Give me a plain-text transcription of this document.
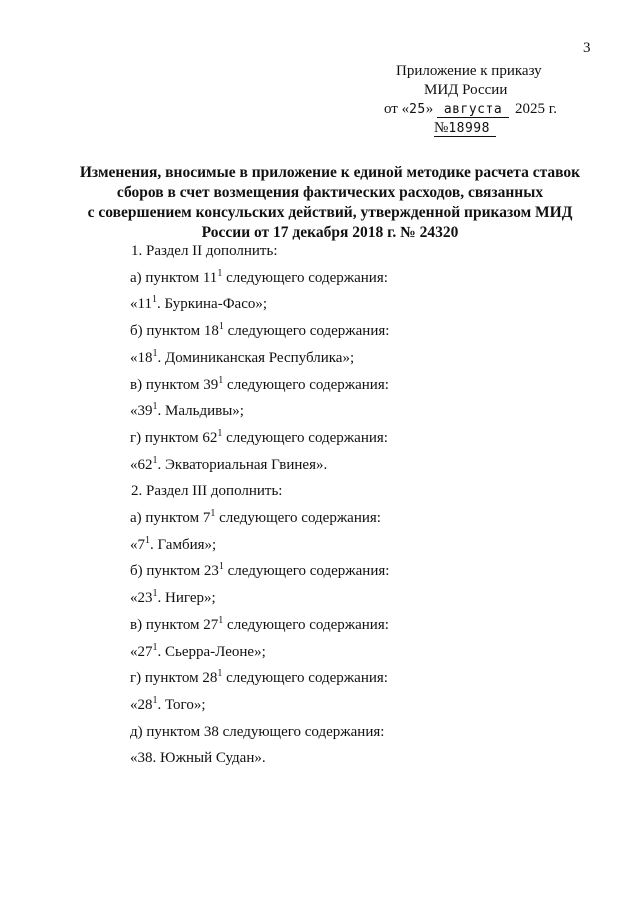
3
Приложение к приказу
МИД России
от «25» августа 2025 г.
№18998
Изменения, вносимые в приложение к единой методике расчета ставок
сборов в счет возмещения фактических расходов, связанных
с совершением консульских действий, утвержденной приказом МИД
России от 17 декабря 2018 г. № 24320
1. Раздел II дополнить:
а) пунктом $11^1$ следующего содержания:
«$11^1$. Буркина-Фасо»;
б) пунктом $18^1$ следующего содержания:
«$18^1$. Доминиканская Республика»;
в) пунктом $39^1$ следующего содержания:
«$39^1$. Мальдивы»;
г) пунктом $62^1$ следующего содержания:
«$62^1$. Экваториальная Гвинея».
2. Раздел III дополнить:
а) пунктом $7^1$ следующего содержания:
«$7^1$. Гамбия»;
б) пунктом $23^1$ следующего содержания:
«$23^1$. Нигер»;
в) пунктом $27^1$ следующего содержания:
«$27^1$. Сьерра-Леоне»;
г) пунктом $28^1$ следующего содержания:
«$28^1$. Того»;
д) пунктом 38 следующего содержания:
«38. Южный Судан».
